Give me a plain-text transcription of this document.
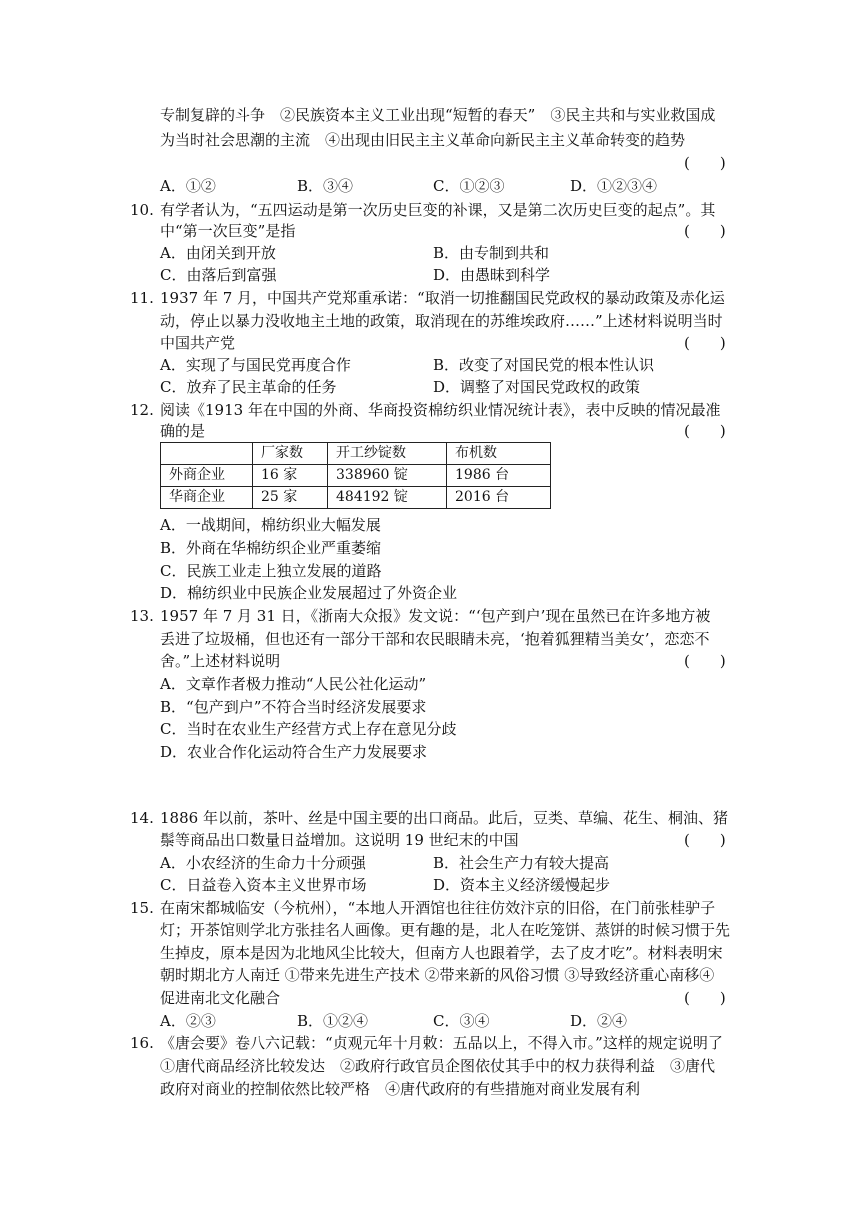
专制复辟的斗争　②民族资本主义工业出现“短暂的春天”　③民主共和与实业救国成
为当时社会思潮的主流　④出现由旧民主主义革命向新民主主义革命转变的趋势
(　　)
A．①②	B．③④	C．①②③	D．①②③④
10. 有学者认为，“五四运动是第一次历史巨变的补课，又是第二次历史巨变的起点”。其
中“第一次巨变”是指	(　　)
A．由闭关到开放	B．由专制到共和
C．由落后到富强	D．由愚昧到科学
11. 1937 年 7 月，中国共产党郑重承诺：“取消一切推翻国民党政权的暴动政策及赤化运
动，停止以暴力没收地主土地的政策，取消现在的苏维埃政府……”上述材料说明当时
中国共产党	(　　)
A．实现了与国民党再度合作	B．改变了对国民党的根本性认识
C．放弃了民主革命的任务	D．调整了对国民党政权的政策
12. 阅读《1913 年在中国的外商、华商投资棉纺织业情况统计表》，表中反映的情况最准
确的是	(　　)
	厂家数	开工纱锭数	布机数
外商企业	16 家	338960 锭	1986 台
华商企业	25 家	484192 锭	2016 台
A．一战期间，棉纺织业大幅发展
B．外商在华棉纺织企业严重萎缩
C．民族工业走上独立发展的道路
D．棉纺织业中民族企业发展超过了外资企业
13. 1957 年 7 月 31 日，《浙南大众报》发文说：“‘包产到户’现在虽然已在许多地方被
丢进了垃圾桶，但也还有一部分干部和农民眼睛未亮，‘抱着狐狸精当美女’，恋恋不
舍。”上述材料说明	(　　)
A．文章作者极力推动“人民公社化运动”
B．“包产到户”不符合当时经济发展要求
C．当时在农业生产经营方式上存在意见分歧
D．农业合作化运动符合生产力发展要求
14. 1886 年以前，茶叶、丝是中国主要的出口商品。此后，豆类、草编、花生、桐油、猪
鬃等商品出口数量日益增加。这说明 19 世纪末的中国	(　　)
A．小农经济的生命力十分顽强	B．社会生产力有较大提高
C．日益卷入资本主义世界市场	D．资本主义经济缓慢起步
15. 在南宋都城临安（今杭州），“本地人开酒馆也往往仿效汴京的旧俗，在门前张桂驴子
灯；开茶馆则学北方张挂名人画像。更有趣的是，北人在吃笼饼、蒸饼的时候习惯于先
生掉皮，原本是因为北地风尘比较大，但南方人也跟着学，去了皮才吃”。材料表明宋
朝时期北方人南迁 ①带来先进生产技术 ②带来新的风俗习惯 ③导致经济重心南移④
促进南北文化融合	(　　)
A．②③	B．①②④	C．③④	D．②④
16. 《唐会要》卷八六记载：“贞观元年十月敕：五品以上，不得入市。”这样的规定说明了
①唐代商品经济比较发达　②政府行政官员企图依仗其手中的权力获得利益　③唐代
政府对商业的控制依然比较严格　④唐代政府的有些措施对商业发展有利
